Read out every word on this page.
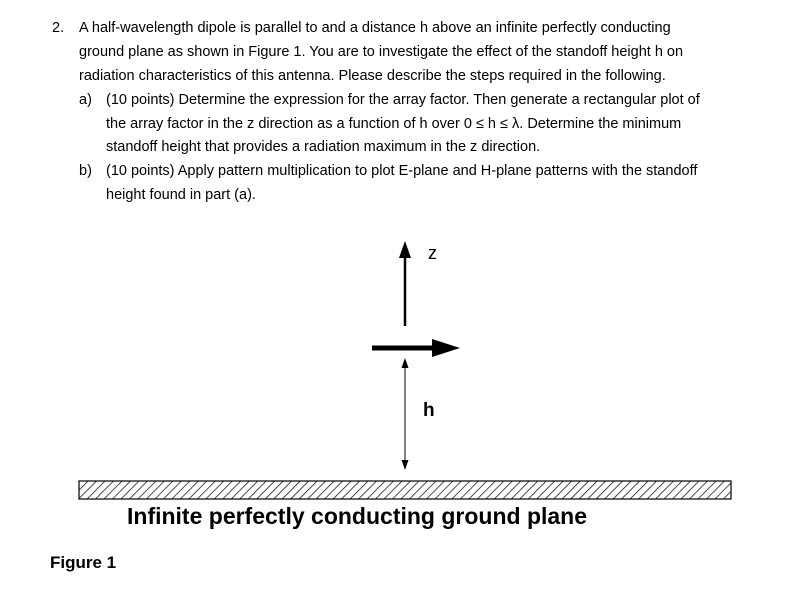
2. A half-wavelength dipole is parallel to and a distance h above an infinite perfectly conducting
ground plane as shown in Figure 1. You are to investigate the effect of the standoff height h on
radiation characteristics of this antenna. Please describe the steps required in the following.
a) (10 points) Determine the expression for the array factor. Then generate a rectangular plot of
the array factor in the z direction as a function of h over 0 ≤ h ≤ λ. Determine the minimum
standoff height that provides a radiation maximum in the z direction.
b) (10 points) Apply pattern multiplication to plot E-plane and H-plane patterns with the standoff
height found in part (a).
z
h
Infinite perfectly conducting ground plane
Figure 1
